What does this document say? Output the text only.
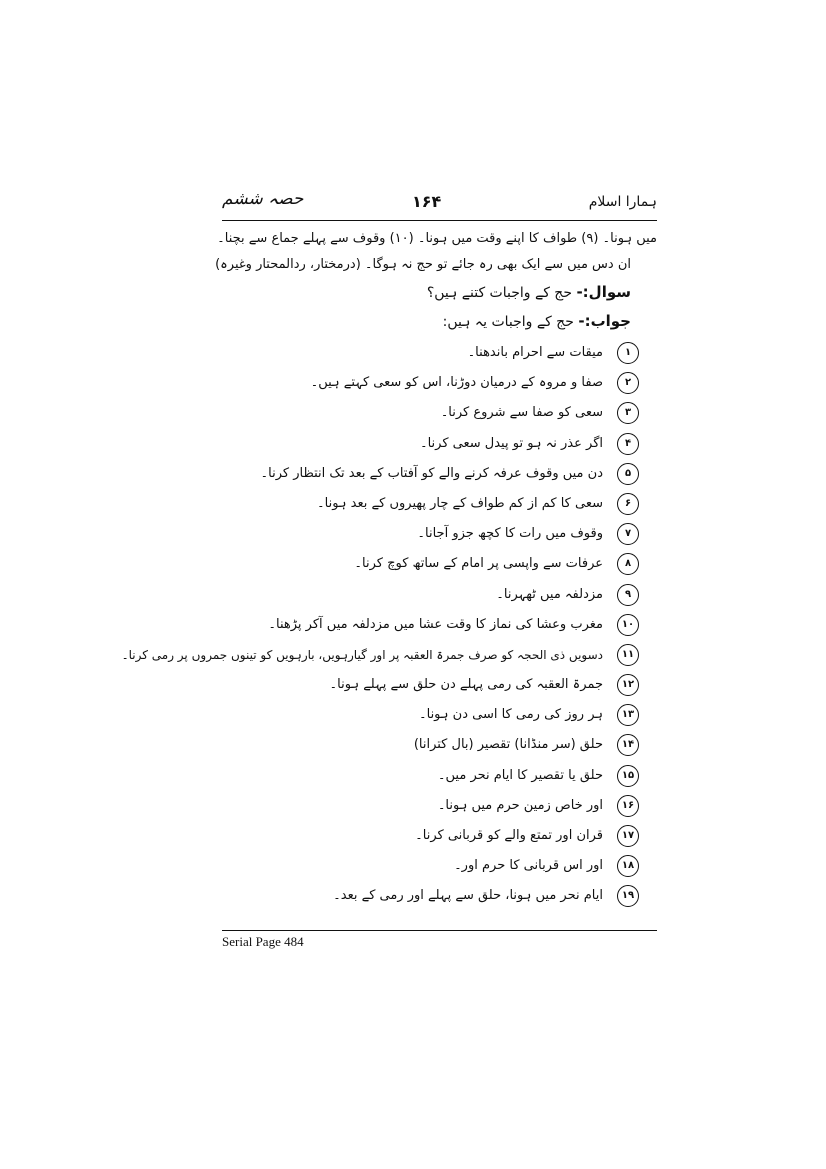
حصہ ششم	۱۶۴	ہمارا اسلام
میں ہونا۔ (۹) طواف کا اپنے وقت میں ہونا۔ (۱۰) وقوف سے پہلے جماع سے بچنا۔
ان دس میں سے ایک بھی رہ جائے تو حج نہ ہوگا۔ (درمختار، ردالمحتار وغیرہ)
سوال:- حج کے واجبات کتنے ہیں؟
جواب:- حج کے واجبات یہ ہیں:
۱
میقات سے احرام باندھنا۔
۲
صفا و مروہ کے درمیان دوڑنا، اس کو سعی کہتے ہیں۔
۳
سعی کو صفا سے شروع کرنا۔
۴
اگر عذر نہ ہو تو پیدل سعی کرنا۔
۵
دن میں وقوف عرفہ کرنے والے کو آفتاب کے بعد تک انتظار کرنا۔
۶
سعی کا کم از کم طواف کے چار پھیروں کے بعد ہونا۔
۷
وقوف میں رات کا کچھ جزو آجانا۔
۸
عرفات سے واپسی پر امام کے ساتھ کوچ کرنا۔
۹
مزدلفہ میں ٹھہرنا۔
۱۰
مغرب وعشا کی نماز کا وقت عشا میں مزدلفہ میں آکر پڑھنا۔
۱۱
دسویں ذی الحجہ کو صرف جمرۃ العقبہ پر اور گیارہویں، بارہویں کو تینوں جمروں پر رمی کرنا۔
۱۲
جمرۃ العقبہ کی رمی پہلے دن حلق سے پہلے ہونا۔
۱۳
ہر روز کی رمی کا اسی دن ہونا۔
۱۴
حلق (سر منڈانا) تقصیر (بال کترانا)
۱۵
حلق یا تقصیر کا ایام نحر میں۔
۱۶
اور خاص زمین حرم میں ہونا۔
۱۷
قران اور تمتع والے کو قربانی کرنا۔
۱۸
اور اس قربانی کا حرم اور۔
۱۹
ایام نحر میں ہونا، حلق سے پہلے اور رمی کے بعد۔
Serial Page 484
